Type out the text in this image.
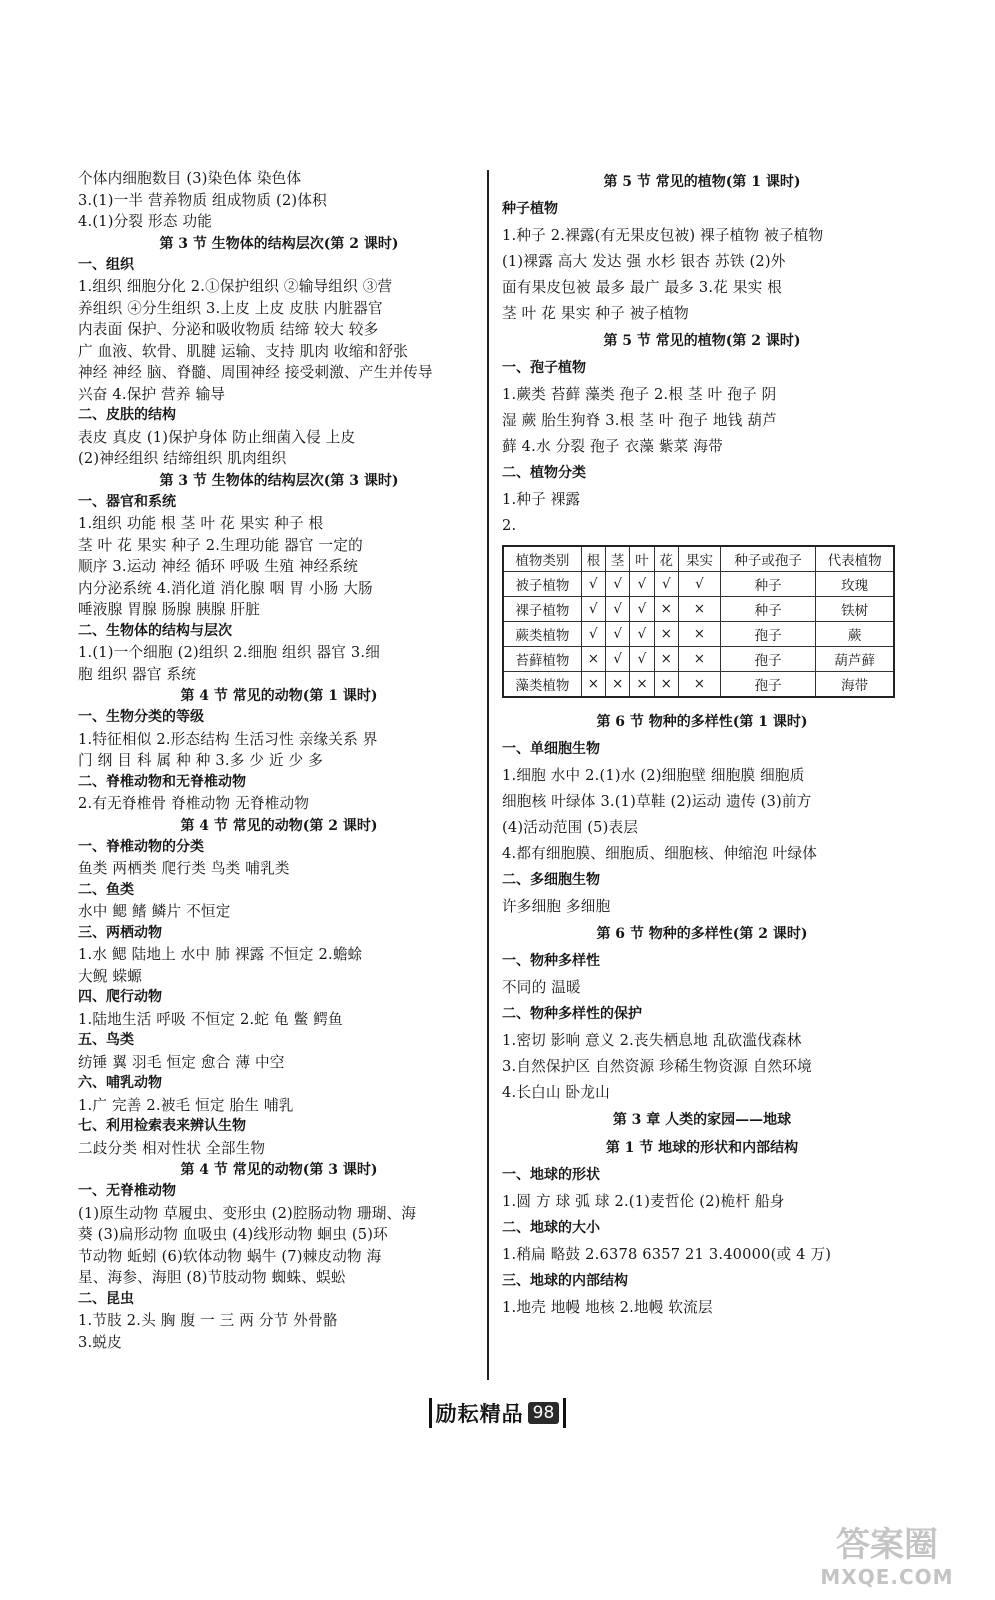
个体内细胞数目 (3)染色体 染色体
3.(1)一半 营养物质 组成物质 (2)体积
4.(1)分裂 形态 功能
第 3 节 生物体的结构层次(第 2 课时)
一、组织
1.组织 细胞分化 2.①保护组织 ②输导组织 ③营
养组织 ④分生组织 3.上皮 上皮 皮肤 内脏器官
内表面 保护、分泌和吸收物质 结缔 较大 较多
广 血液、软骨、肌腱 运输、支持 肌肉 收缩和舒张
神经 神经 脑、脊髓、周围神经 接受刺激、产生并传导
兴奋 4.保护 营养 输导
二、皮肤的结构
表皮 真皮 (1)保护身体 防止细菌入侵 上皮
(2)神经组织 结缔组织 肌肉组织
第 3 节 生物体的结构层次(第 3 课时)
一、器官和系统
1.组织 功能 根 茎 叶 花 果实 种子 根
茎 叶 花 果实 种子 2.生理功能 器官 一定的
顺序 3.运动 神经 循环 呼吸 生殖 神经系统
内分泌系统 4.消化道 消化腺 咽 胃 小肠 大肠
唾液腺 胃腺 肠腺 胰腺 肝脏
二、生物体的结构与层次
1.(1)一个细胞 (2)组织 2.细胞 组织 器官 3.细
胞 组织 器官 系统
第 4 节 常见的动物(第 1 课时)
一、生物分类的等级
1.特征相似 2.形态结构 生活习性 亲缘关系 界
门 纲 目 科 属 种 种 3.多 少 近 少 多
二、脊椎动物和无脊椎动物
2.有无脊椎骨 脊椎动物 无脊椎动物
第 4 节 常见的动物(第 2 课时)
一、脊椎动物的分类
鱼类 两栖类 爬行类 鸟类 哺乳类
二、鱼类
水中 鳃 鳍 鳞片 不恒定
三、两栖动物
1.水 鳃 陆地上 水中 肺 裸露 不恒定 2.蟾蜍
大鲵 蝾螈
四、爬行动物
1.陆地生活 呼吸 不恒定 2.蛇 龟 鳖 鳄鱼
五、鸟类
纺锤 翼 羽毛 恒定 愈合 薄 中空
六、哺乳动物
1.广 完善 2.被毛 恒定 胎生 哺乳
七、利用检索表来辨认生物
二歧分类 相对性状 全部生物
第 4 节 常见的动物(第 3 课时)
一、无脊椎动物
(1)原生动物 草履虫、变形虫 (2)腔肠动物 珊瑚、海
葵 (3)扁形动物 血吸虫 (4)线形动物 蛔虫 (5)环
节动物 蚯蚓 (6)软体动物 蜗牛 (7)棘皮动物 海
星、海参、海胆 (8)节肢动物 蜘蛛、蜈蚣
二、昆虫
1.节肢 2.头 胸 腹 一 三 两 分节 外骨骼
3.蜕皮
第 5 节 常见的植物(第 1 课时)
种子植物
1.种子 2.裸露(有无果皮包被) 裸子植物 被子植物
(1)裸露 高大 发达 强 水杉 银杏 苏铁 (2)外
面有果皮包被 最多 最广 最多 3.花 果实 根
茎 叶 花 果实 种子 被子植物
第 5 节 常见的植物(第 2 课时)
一、孢子植物
1.蕨类 苔藓 藻类 孢子 2.根 茎 叶 孢子 阴
湿 蕨 胎生狗脊 3.根 茎 叶 孢子 地钱 葫芦
藓 4.水 分裂 孢子 衣藻 紫菜 海带
二、植物分类
1.种子 裸露
2.
植物类别	根	茎	叶	花	果实	种子或孢子	代表植物
被子植物	√	√	√	√	√	种子	玫瑰
裸子植物	√	√	√	×	×	种子	铁树
蕨类植物	√	√	√	×	×	孢子	蕨
苔藓植物	×	√	√	×	×	孢子	葫芦藓
藻类植物	×	×	×	×	×	孢子	海带
第 6 节 物种的多样性(第 1 课时)
一、单细胞生物
1.细胞 水中 2.(1)水 (2)细胞壁 细胞膜 细胞质
细胞核 叶绿体 3.(1)草鞋 (2)运动 遗传 (3)前方
(4)活动范围 (5)表层
4.都有细胞膜、细胞质、细胞核、伸缩泡 叶绿体
二、多细胞生物
许多细胞 多细胞
第 6 节 物种的多样性(第 2 课时)
一、物种多样性
不同的 温暖
二、物种多样性的保护
1.密切 影响 意义 2.丧失栖息地 乱砍滥伐森林
3.自然保护区 自然资源 珍稀生物资源 自然环境
4.长白山 卧龙山
第 3 章 人类的家园——地球
第 1 节 地球的形状和内部结构
一、地球的形状
1.圆 方 球 弧 球 2.(1)麦哲伦 (2)桅杆 船身
二、地球的大小
1.稍扁 略鼓 2.6378 6357 21 3.40000(或 4 万)
三、地球的内部结构
1.地壳 地幔 地核 2.地幔 软流层
励耘精品 98
答案圈
MXQE.COM
